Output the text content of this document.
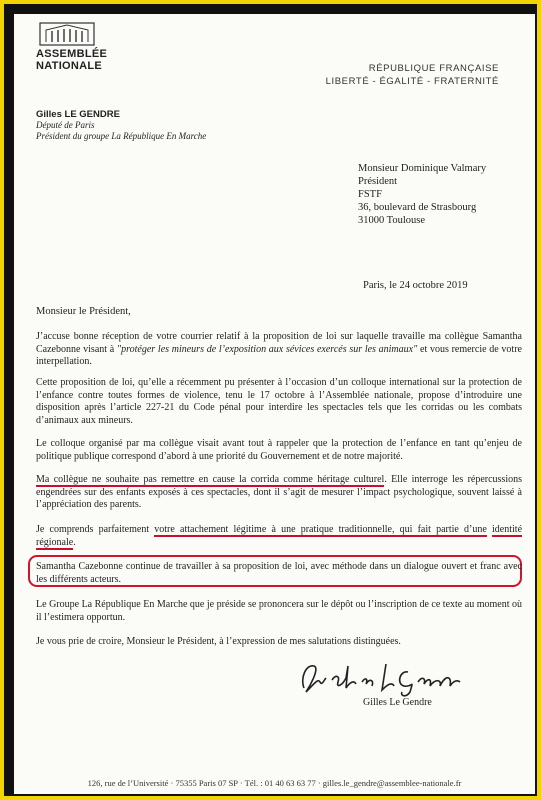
ASSEMBLÉE
NATIONALE	RÉPUBLIQUE FRANÇAISE
LIBERTÉ - ÉGALITÉ - FRATERNITÉ
Gilles LE GENDRE
Député de Paris
Président du groupe La République En Marche
Monsieur Dominique Valmary
Président
FSTF
36, boulevard de Strasbourg
31000 Toulouse
Paris, le 24 octobre 2019
Monsieur le Président,
J’accuse bonne réception de votre courrier relatif à la proposition de loi sur laquelle travaille ma collègue Samantha Cazebonne visant à "protéger les mineurs de l’exposition aux sévices exercés sur les animaux" et vous remercie de votre interpellation.
Cette proposition de loi, qu’elle a récemment pu présenter à l’occasion d’un colloque international sur la protection de l’enfance contre toutes formes de violence, tenu le 17 octobre à l’Assemblée nationale, propose d’introduire une disposition après l’article 227-21 du Code pénal pour interdire les spectacles tels que les corridas ou les combats d’animaux aux mineurs.
Le colloque organisé par ma collègue visait avant tout à rappeler que la protection de l’enfance en tant qu’enjeu de politique publique correspond d’abord à une priorité du Gouvernement et de notre majorité.
Ma collègue ne souhaite pas remettre en cause la corrida comme héritage culturel. Elle interroge les répercussions engendrées sur des enfants exposés à ces spectacles, dont il s’agit de mesurer l’impact psychologique, souvent laissé à l’appréciation des parents.
Je comprends parfaitement votre attachement légitime à une pratique traditionnelle, qui fait partie d’une identité régionale.
Samantha Cazebonne continue de travailler à sa proposition de loi, avec méthode dans un dialogue ouvert et franc avec les différents acteurs.
Le Groupe La République En Marche que je préside se prononcera sur le dépôt ou l’inscription de ce texte au moment où il l’estimera opportun.
Je vous prie de croire, Monsieur le Président, à l’expression de mes salutations distinguées.
Gilles Le Gendre
126, rue de l’Université · 75355 Paris 07 SP · Tél. : 01 40 63 63 77 · gilles.le_gendre@assemblee-nationale.fr
